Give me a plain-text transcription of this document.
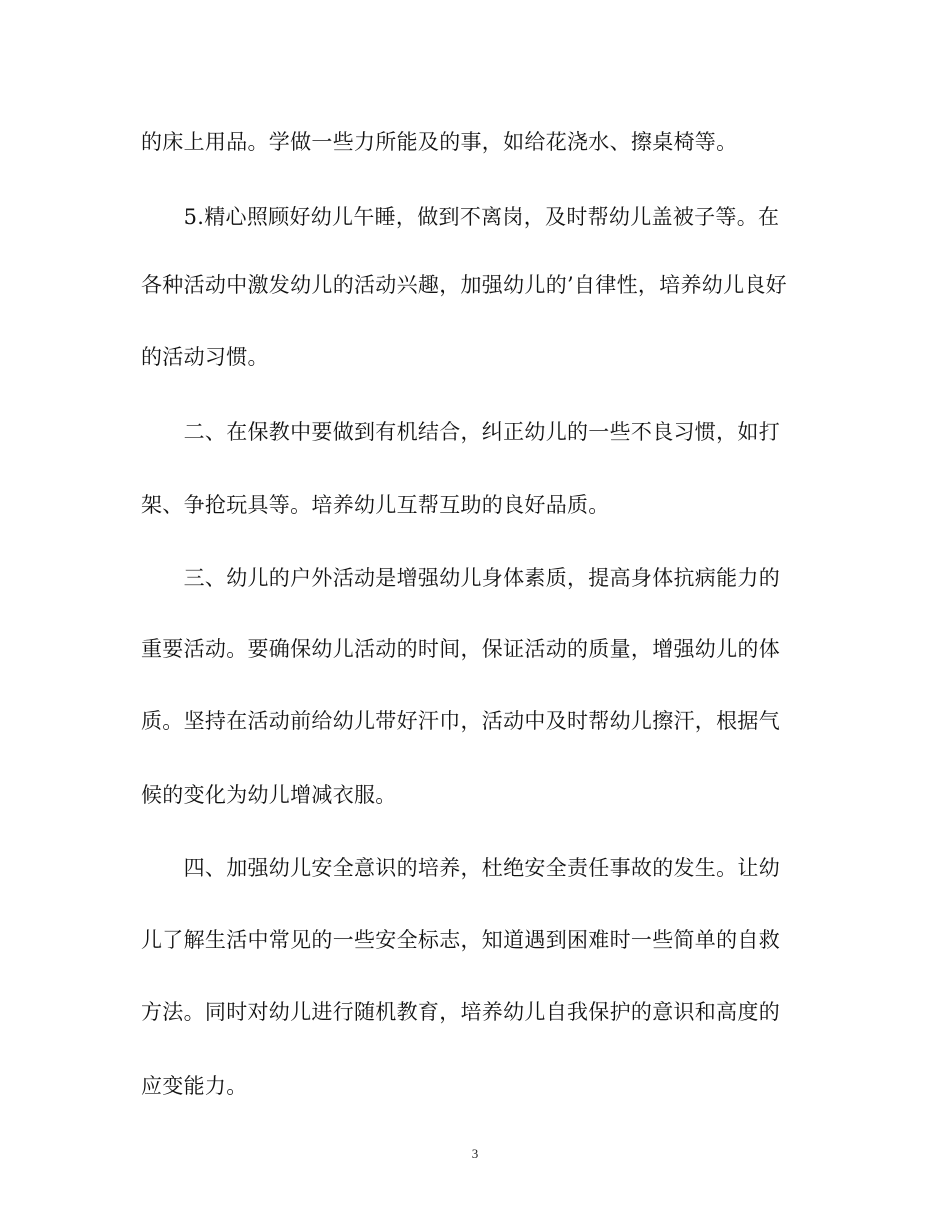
的床上用品。学做一些力所能及的事，如给花浇水、擦桌椅等。
　　5.精心照顾好幼儿午睡，做到不离岗，及时帮幼儿盖被子等。在
各种活动中激发幼儿的活动兴趣，加强幼儿的’自律性，培养幼儿良好
的活动习惯。
　　二、在保教中要做到有机结合，纠正幼儿的一些不良习惯，如打
架、争抢玩具等。培养幼儿互帮互助的良好品质。
　　三、幼儿的户外活动是增强幼儿身体素质，提高身体抗病能力的
重要活动。要确保幼儿活动的时间，保证活动的质量，增强幼儿的体
质。坚持在活动前给幼儿带好汗巾，活动中及时帮幼儿擦汗，根据气
候的变化为幼儿增减衣服。
　　四、加强幼儿安全意识的培养，杜绝安全责任事故的发生。让幼
儿了解生活中常见的一些安全标志，知道遇到困难时一些简单的自救
方法。同时对幼儿进行随机教育，培养幼儿自我保护的意识和高度的
应变能力。
3
